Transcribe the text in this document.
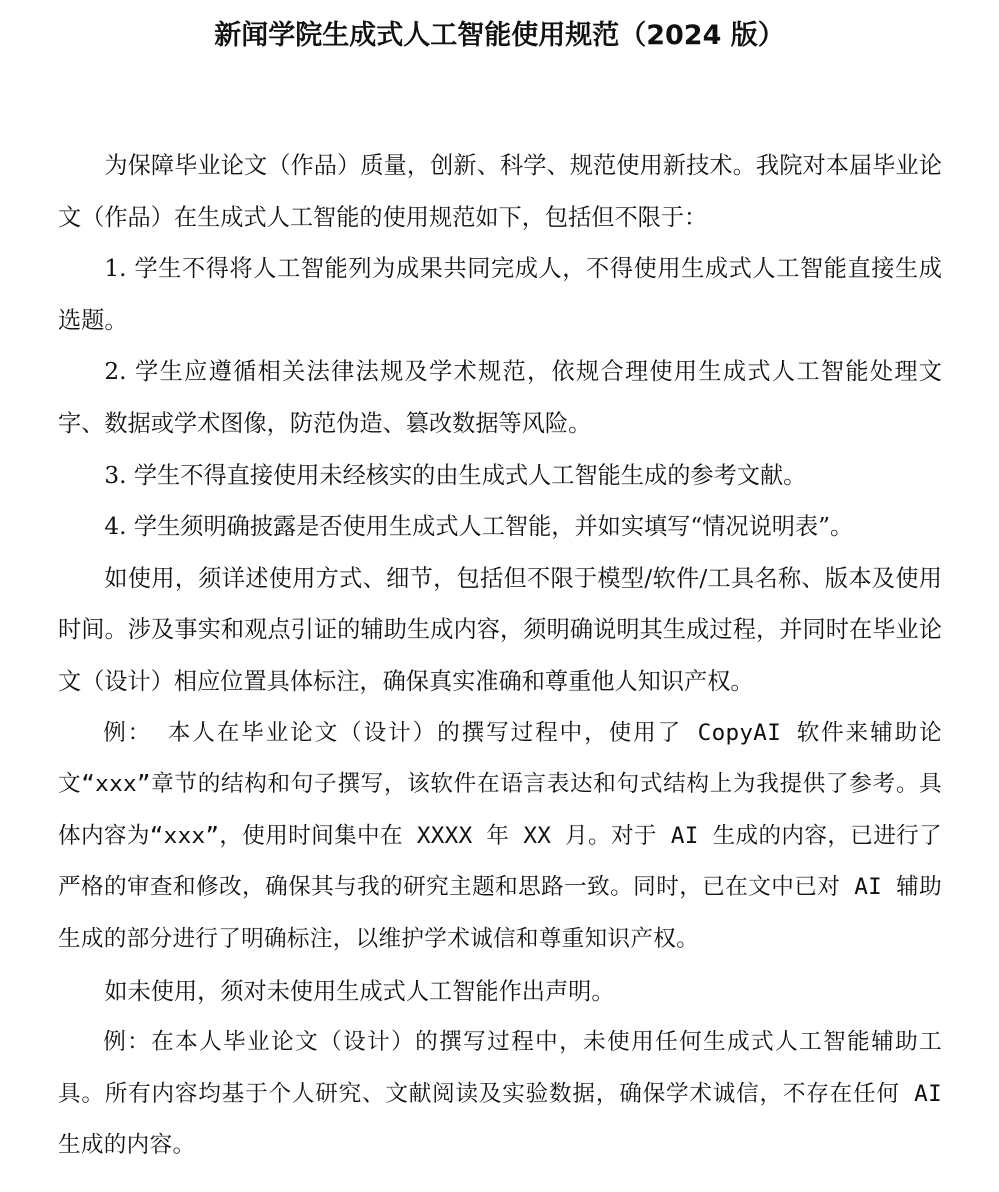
新闻学院生成式人工智能使用规范（2024 版）

为保障毕业论文（作品）质量，创新、科学、规范使用新技术。我院对本届毕业论文（作品）在生成式人工智能的使用规范如下，包括但不限于：

1. 学生不得将人工智能列为成果共同完成人，不得使用生成式人工智能直接生成选题。

2. 学生应遵循相关法律法规及学术规范，依规合理使用生成式人工智能处理文字、数据或学术图像，防范伪造、篡改数据等风险。

3. 学生不得直接使用未经核实的由生成式人工智能生成的参考文献。

4. 学生须明确披露是否使用生成式人工智能，并如实填写“情况说明表”。

如使用，须详述使用方式、细节，包括但不限于模型/软件/工具名称、版本及使用时间。涉及事实和观点引证的辅助生成内容，须明确说明其生成过程，并同时在毕业论文（设计）相应位置具体标注，确保真实准确和尊重他人知识产权。

例： 本人在毕业论文（设计）的撰写过程中，使用了 CopyAI 软件来辅助论文“xxx”章节的结构和句子撰写，该软件在语言表达和句式结构上为我提供了参考。具体内容为“xxx”，使用时间集中在 XXXX 年 XX 月。对于 AI 生成的内容，已进行了严格的审查和修改，确保其与我的研究主题和思路一致。同时，已在文中已对 AI 辅助生成的部分进行了明确标注，以维护学术诚信和尊重知识产权。

如未使用，须对未使用生成式人工智能作出声明。

例：在本人毕业论文（设计）的撰写过程中，未使用任何生成式人工智能辅助工具。所有内容均基于个人研究、文献阅读及实验数据，确保学术诚信，不存在任何 AI 生成的内容。
